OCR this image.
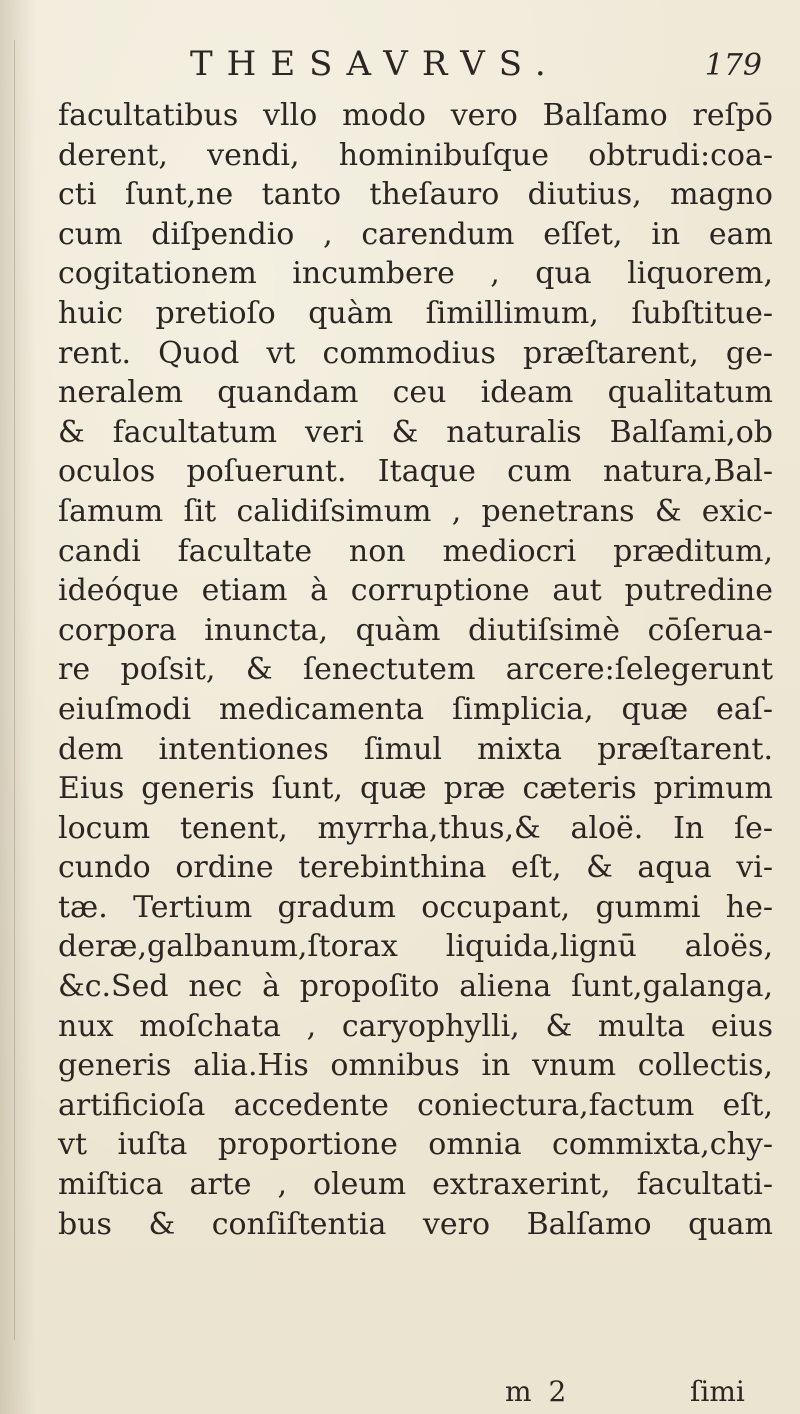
THESAVRVS.	179
facultatibus vllo modo vero Balſamo reſpō
derent, vendi, hominibuſque obtrudi:coa-
cti ſunt,ne tanto theſauro diutius, magno
cum diſpendio , carendum eſſet, in eam
cogitationem incumbere , qua liquorem,
huic pretioſo quàm ſimillimum, ſubſtitue-
rent. Quod vt commodius præſtarent, ge-
neralem quandam ceu ideam qualitatum
& facultatum veri & naturalis Balſami,ob
oculos poſuerunt. Itaque cum natura,Bal-
ſamum ſit calidiſsimum , penetrans & exic-
candi facultate non mediocri præditum,
ideóque etiam à corruptione aut putredine
corpora inuncta, quàm diutiſsimè cōſerua-
re poſsit, & ſenectutem arcere:ſelegerunt
eiuſmodi medicamenta ſimplicia, quæ eaſ-
dem intentiones ſimul mixta præſtarent.
Eius generis ſunt, quæ præ cæteris primum
locum tenent, myrrha,thus,& aloë. In ſe-
cundo ordine terebinthina eſt, & aqua vi-
tæ. Tertium gradum occupant, gummi he-
deræ,galbanum,ſtorax liquida,lignū aloës,
&c.Sed nec à propoſito aliena ſunt,galanga,
nux moſchata , caryophylli, & multa eius
generis alia.His omnibus in vnum collectis,
artificioſa accedente coniectura,factum eſt,
vt iuſta proportione omnia commixta,chy-
miſtica arte , oleum extraxerint, facultati-
bus & conſiſtentia vero Balſamo quam
m 2	ſimi
